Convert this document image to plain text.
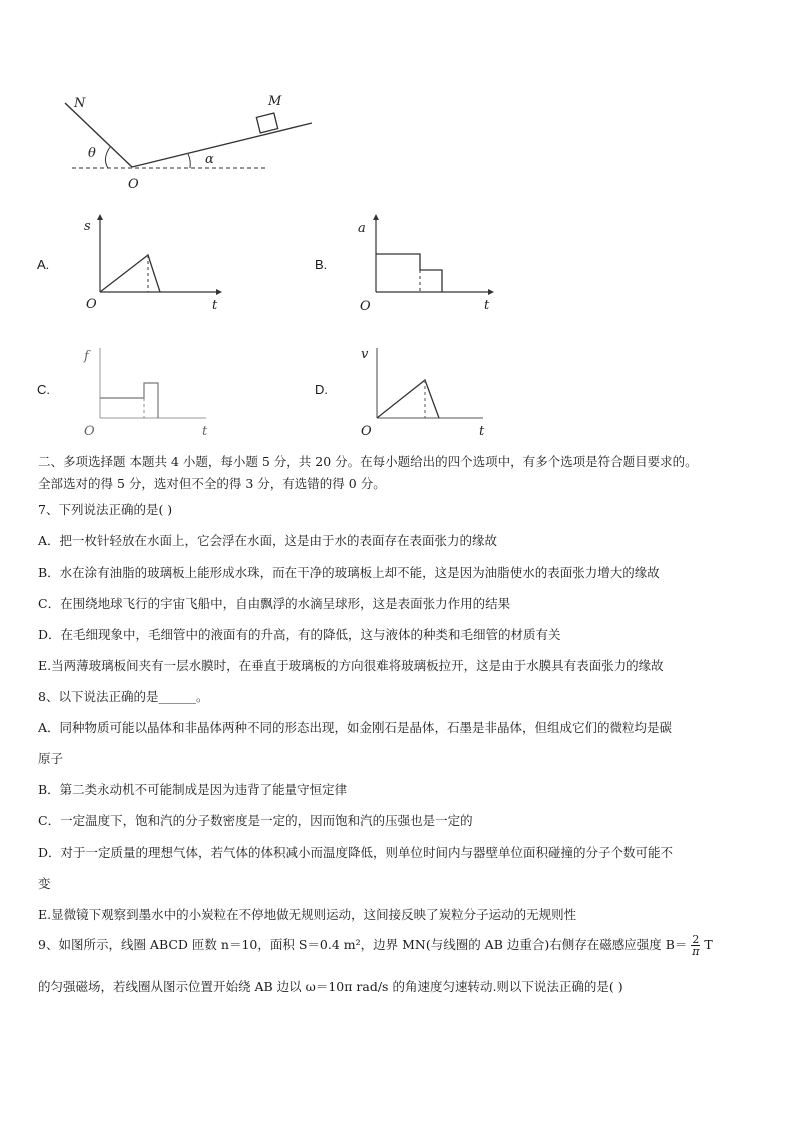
N	M
O
θ	α
A.
s
t
O
B.
a
t
O
C.
f
t
O
D.
v
t
O
二、多项选择题 本题共 4 小题，每小题 5 分，共 20 分。在每小题给出的四个选项中，有多个选项是符合题目要求的。
全部选对的得 5 分，选对但不全的得 3 分，有选错的得 0 分。
7、下列说法正确的是( )
A．把一枚针轻放在水面上，它会浮在水面，这是由于水的表面存在表面张力的缘故
B．水在涂有油脂的玻璃板上能形成水珠，而在干净的玻璃板上却不能，这是因为油脂使水的表面张力增大的缘故
C．在围绕地球飞行的宇宙飞船中，自由飘浮的水滴呈球形，这是表面张力作用的结果
D．在毛细现象中，毛细管中的液面有的升高，有的降低，这与液体的种类和毛细管的材质有关
E.当两薄玻璃板间夹有一层水膜时，在垂直于玻璃板的方向很难将玻璃板拉开，这是由于水膜具有表面张力的缘故
8、以下说法正确的是______。
A．同种物质可能以晶体和非晶体两种不同的形态出现，如金刚石是晶体，石墨是非晶体，但组成它们的微粒均是碳
原子
B．第二类永动机不可能制成是因为违背了能量守恒定律
C．一定温度下，饱和汽的分子数密度是一定的，因而饱和汽的压强也是一定的
D．对于一定质量的理想气体，若气体的体积减小而温度降低，则单位时间内与器壁单位面积碰撞的分子个数可能不
变
E.显微镜下观察到墨水中的小炭粒在不停地做无规则运动，这间接反映了炭粒分子运动的无规则性
9、如图所示，线圈 ABCD 匝数 n＝10，面积 S＝0.4 m²，边界 MN(与线圈的 AB 边重合)右侧存在磁感应强度 $B= \frac{2}{\pi}$ T
的匀强磁场，若线圈从图示位置开始绕 AB 边以 ω＝10π rad/s 的角速度匀速转动.则以下说法正确的是( )
